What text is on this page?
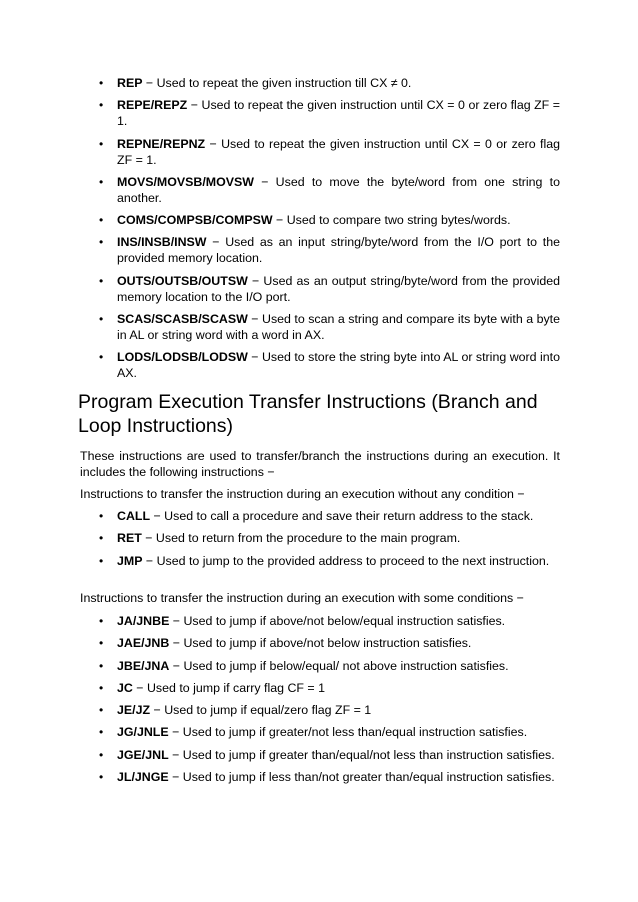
• REP − Used to repeat the given instruction till CX ≠ 0.
• REPE/REPZ − Used to repeat the given instruction until CX = 0 or zero flag ZF = 1.
• REPNE/REPNZ − Used to repeat the given instruction until CX = 0 or zero flag ZF = 1.
• MOVS/MOVSB/MOVSW − Used to move the byte/word from one string to another.
• COMS/COMPSB/COMPSW − Used to compare two string bytes/words.
• INS/INSB/INSW − Used as an input string/byte/word from the I/O port to the provided memory location.
• OUTS/OUTSB/OUTSW − Used as an output string/byte/word from the provided memory location to the I/O port.
• SCAS/SCASB/SCASW − Used to scan a string and compare its byte with a byte in AL or string word with a word in AX.
• LODS/LODSB/LODSW − Used to store the string byte into AL or string word into AX.
Program Execution Transfer Instructions (Branch and Loop Instructions)

These instructions are used to transfer/branch the instructions during an execution. It includes the following instructions −

Instructions to transfer the instruction during an execution without any condition −

• CALL − Used to call a procedure and save their return address to the stack.
• RET − Used to return from the procedure to the main program.
• JMP − Used to jump to the provided address to proceed to the next instruction.

Instructions to transfer the instruction during an execution with some conditions −

• JA/JNBE − Used to jump if above/not below/equal instruction satisfies.
• JAE/JNB − Used to jump if above/not below instruction satisfies.
• JBE/JNA − Used to jump if below/equal/ not above instruction satisfies.
• JC − Used to jump if carry flag CF = 1
• JE/JZ − Used to jump if equal/zero flag ZF = 1
• JG/JNLE − Used to jump if greater/not less than/equal instruction satisfies.
• JGE/JNL − Used to jump if greater than/equal/not less than instruction satisfies.
• JL/JNGE − Used to jump if less than/not greater than/equal instruction satisfies.
